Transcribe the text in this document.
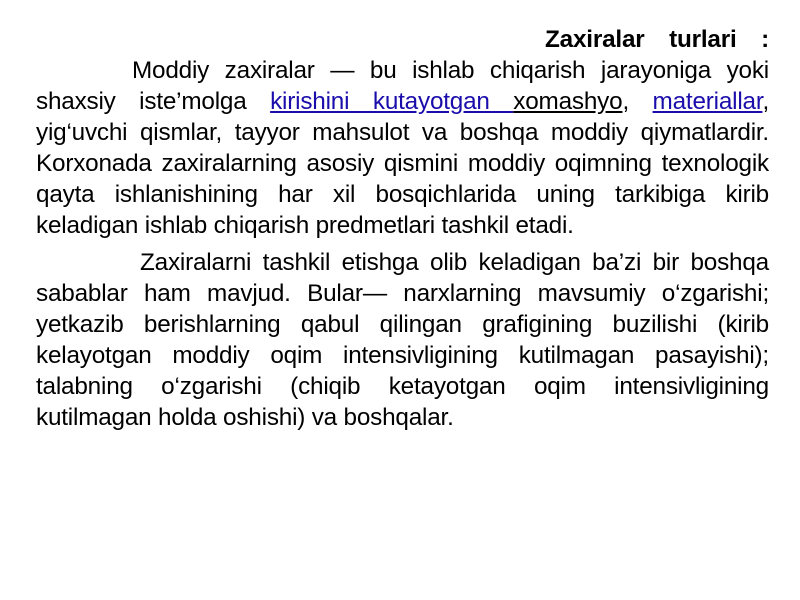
Zaxiralar turlari :

Moddiy zaxiralar — bu ishlab chiqarish jarayoniga yoki shaxsiy iste’molga kirishini kutayotgan xomashyo, materiallar, yig‘uvchi qismlar, tayyor mahsulot va boshqa moddiy qiymatlardir. Korxonada zaxiralarning asosiy qismini moddiy oqimning texnologik qayta ishlanishining har xil bosqichlarida uning tarkibiga kirib keladigan ishlab chiqarish predmetlari tashkil etadi.

Zaxiralarni tashkil etishga olib keladigan ba’zi bir boshqa sabablar ham mavjud. Bular— narxlarning mavsumiy o‘zgarishi; yetkazib berishlarning qabul qilingan grafigining buzilishi (kirib kelayotgan moddiy oqim intensivligining kutilmagan pasayishi); talabning o‘zgarishi (chiqib ketayotgan oqim intensivligining kutilmagan holda oshishi) va boshqalar.
